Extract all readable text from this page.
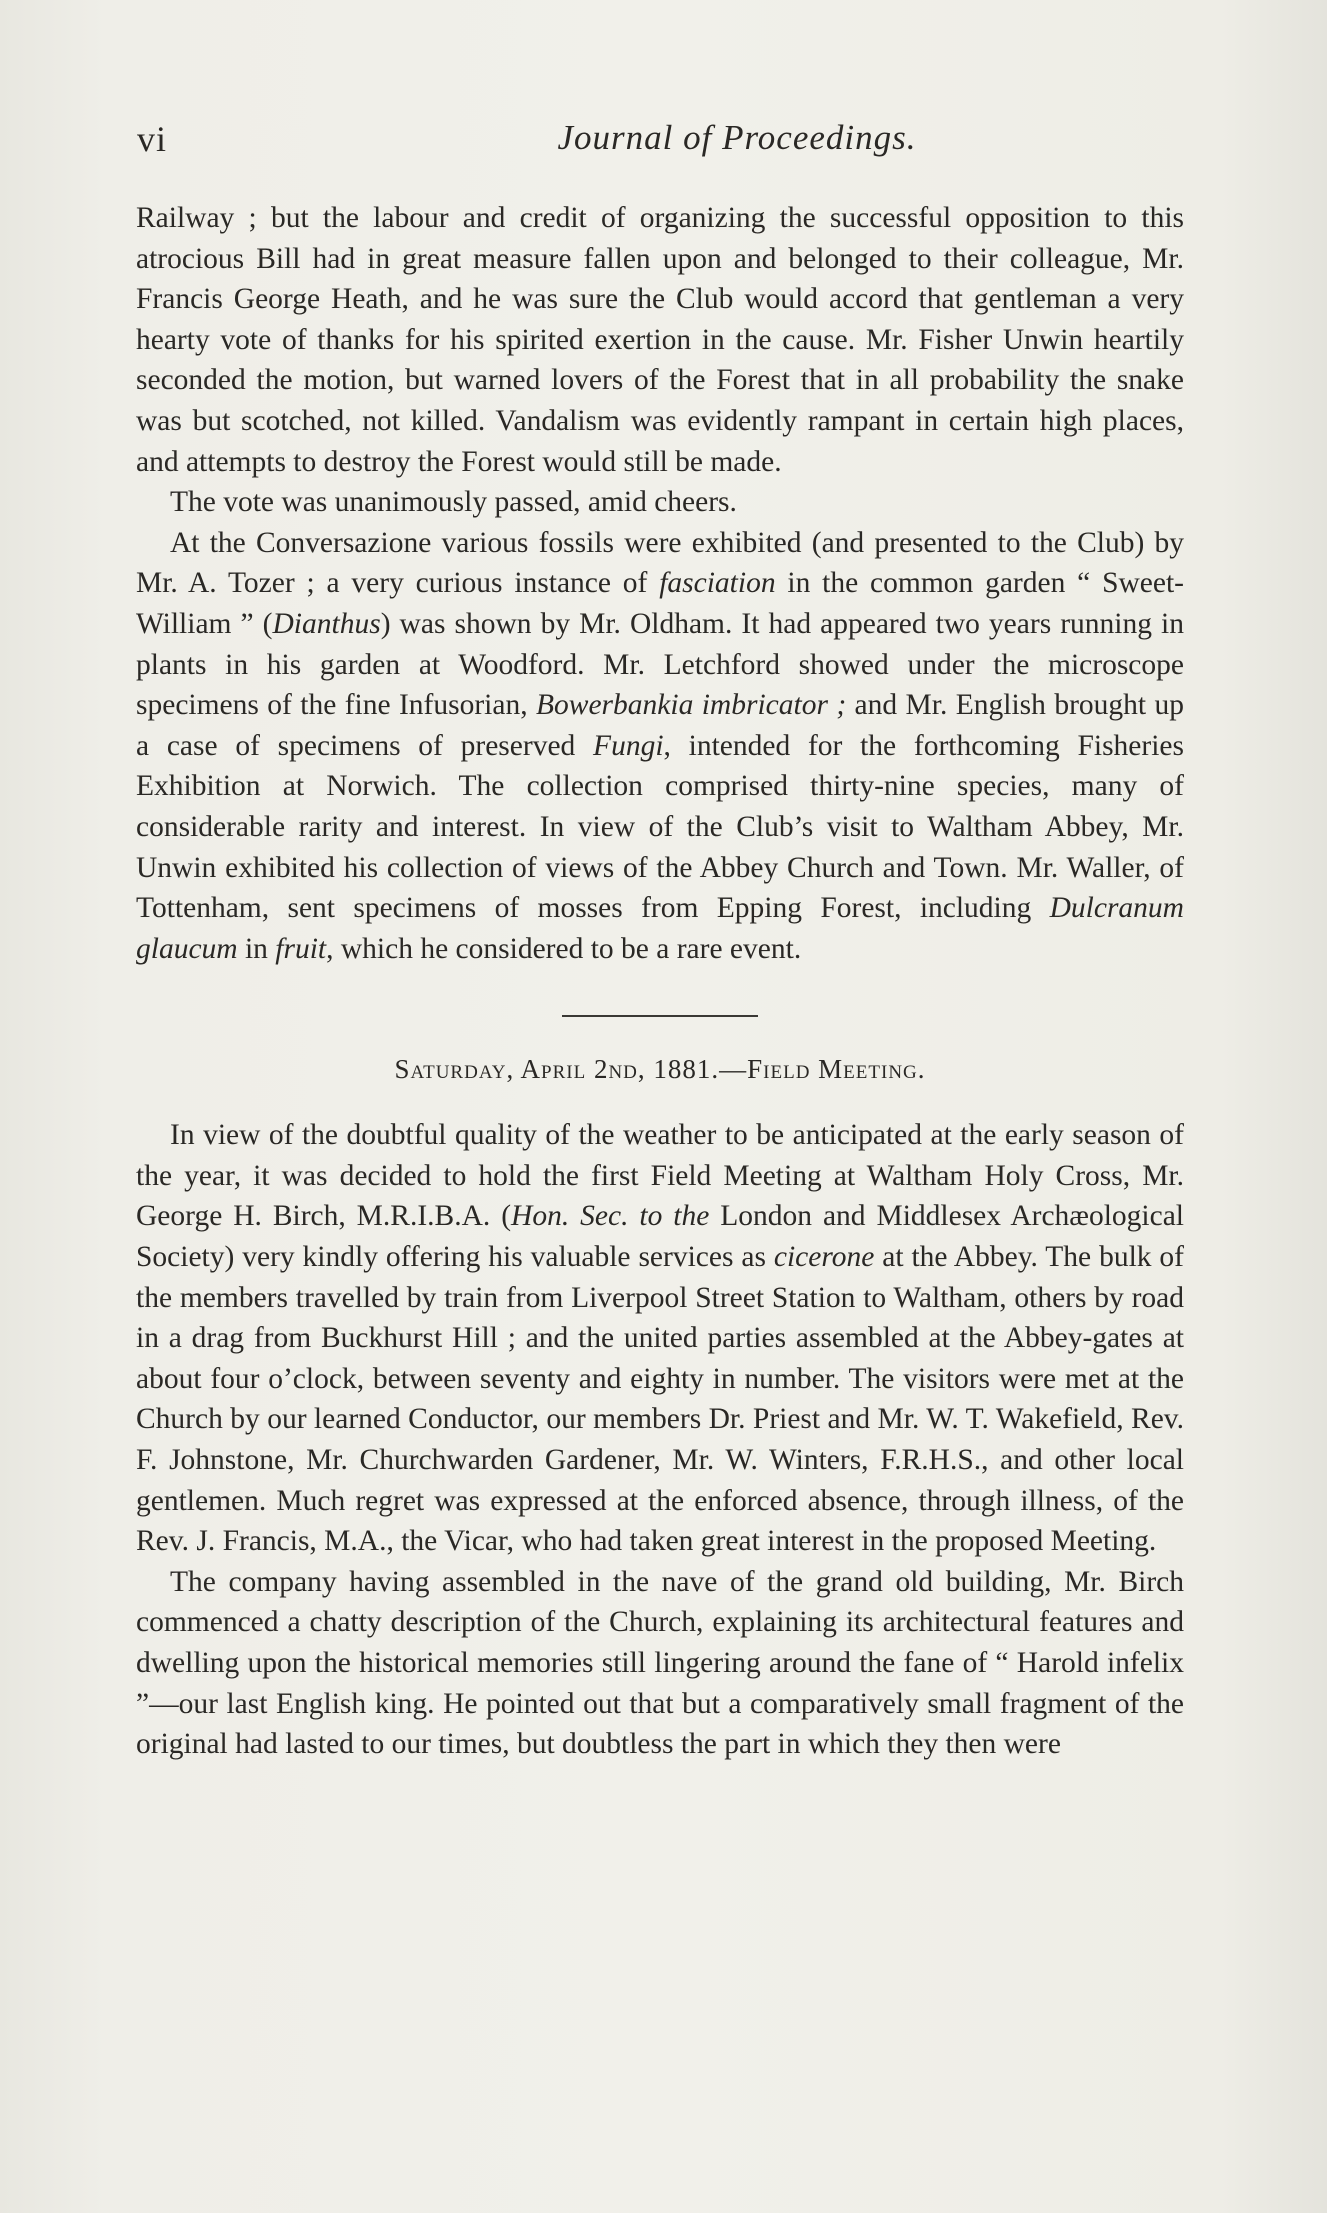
vi	Journal of Proceedings.

Railway ; but the labour and credit of organizing the successful opposition to this atrocious Bill had in great measure fallen upon and belonged to their colleague, Mr. Francis George Heath, and he was sure the Club would accord that gentleman a very hearty vote of thanks for his spirited exertion in the cause. Mr. Fisher Unwin heartily seconded the motion, but warned lovers of the Forest that in all probability the snake was but scotched, not killed. Vandalism was evidently rampant in certain high places, and attempts to destroy the Forest would still be made.

The vote was unanimously passed, amid cheers.

At the Conversazione various fossils were exhibited (and presented to the Club) by Mr. A. Tozer ; a very curious instance of fasciation in the common garden “ Sweet-William ” (Dianthus) was shown by Mr. Oldham. It had appeared two years running in plants in his garden at Woodford. Mr. Letchford showed under the microscope specimens of the fine Infusorian, Bowerbankia imbricator ; and Mr. English brought up a case of specimens of preserved Fungi, intended for the forthcoming Fisheries Exhibition at Norwich. The collection comprised thirty-nine species, many of considerable rarity and interest. In view of the Club’s visit to Waltham Abbey, Mr. Unwin exhibited his collection of views of the Abbey Church and Town. Mr. Waller, of Tottenham, sent specimens of mosses from Epping Forest, including Dulcranum glaucum in fruit, which he considered to be a rare event.

Saturday, April 2nd, 1881.—Field Meeting.

In view of the doubtful quality of the weather to be anticipated at the early season of the year, it was decided to hold the first Field Meeting at Waltham Holy Cross, Mr. George H. Birch, M.R.I.B.A. (Hon. Sec. to the London and Middlesex Archæological Society) very kindly offering his valuable services as cicerone at the Abbey. The bulk of the members travelled by train from Liverpool Street Station to Waltham, others by road in a drag from Buckhurst Hill ; and the united parties assembled at the Abbey-gates at about four o’clock, between seventy and eighty in number. The visitors were met at the Church by our learned Conductor, our members Dr. Priest and Mr. W. T. Wakefield, Rev. F. Johnstone, Mr. Churchwarden Gardener, Mr. W. Winters, F.R.H.S., and other local gentlemen. Much regret was expressed at the enforced absence, through illness, of the Rev. J. Francis, M.A., the Vicar, who had taken great interest in the proposed Meeting.

The company having assembled in the nave of the grand old building, Mr. Birch commenced a chatty description of the Church, explaining its architectural features and dwelling upon the historical memories still lingering around the fane of “ Harold infelix ”—our last English king. He pointed out that but a comparatively small fragment of the original had lasted to our times, but doubtless the part in which they then were
